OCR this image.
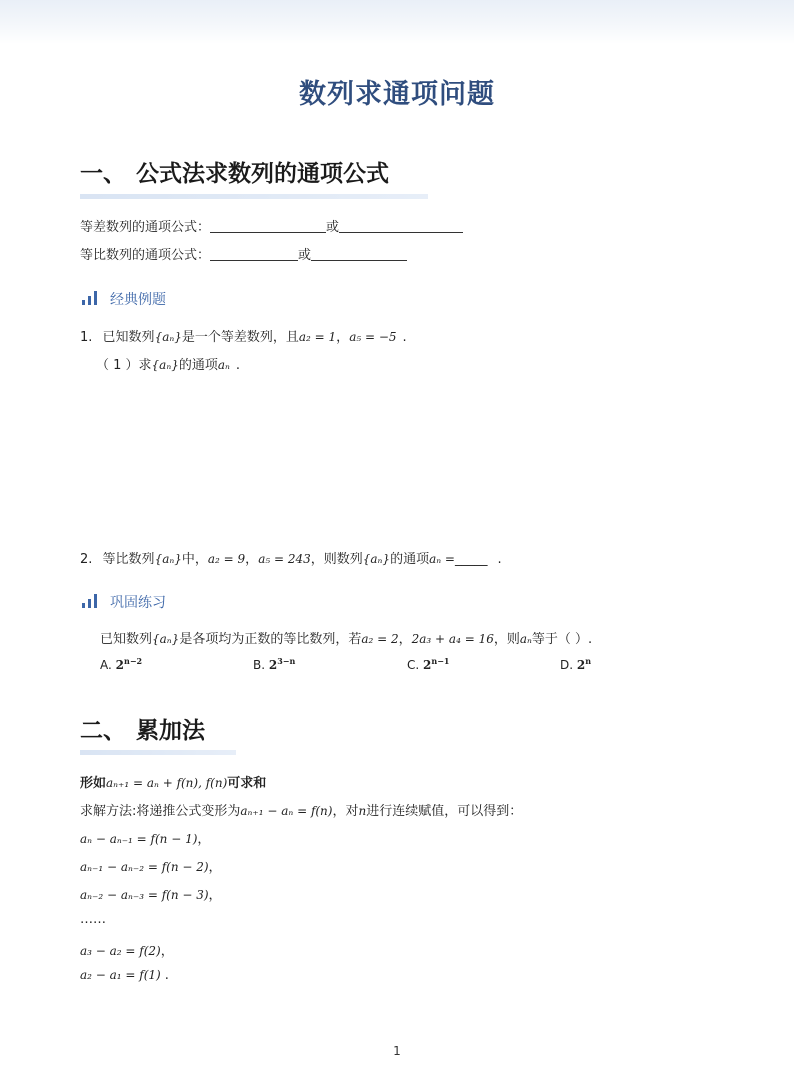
数列求通项问题
一、 公式法求数列的通项公式
等差数列的通项公式：	或
等比数列的通项公式：	或
经典例题
1. 已知数列{aₙ}是一个等差数列，且a₂ = 1，a₅ = −5 .
（ 1 ）求{aₙ}的通项aₙ .
2. 等比数列{aₙ}中，a₂ = 9，a₅ = 243，则数列{aₙ}的通项aₙ =_____ .
巩固练习
已知数列{aₙ}是各项均为正数的等比数列，若a₂ = 2，2a₃ + a₄ = 16，则aₙ等于（ ）.
A. $2^{n-2}$	B. $2^{3-n}$	C. $2^{n-1}$	D. 2$^n$
二、 累加法
形如aₙ₊₁ = aₙ + f(n), f(n)可求和
求解方法:将递推公式变形为aₙ₊₁ − aₙ = f(n)，对n进行连续赋值，可以得到：
aₙ − aₙ₋₁ = f(n − 1)，
aₙ₋₁ − aₙ₋₂ = f(n − 2)，
aₙ₋₂ − aₙ₋₃ = f(n − 3)，
……
a₃ − a₂ = f(2)，
a₂ − a₁ = f(1) .
1
